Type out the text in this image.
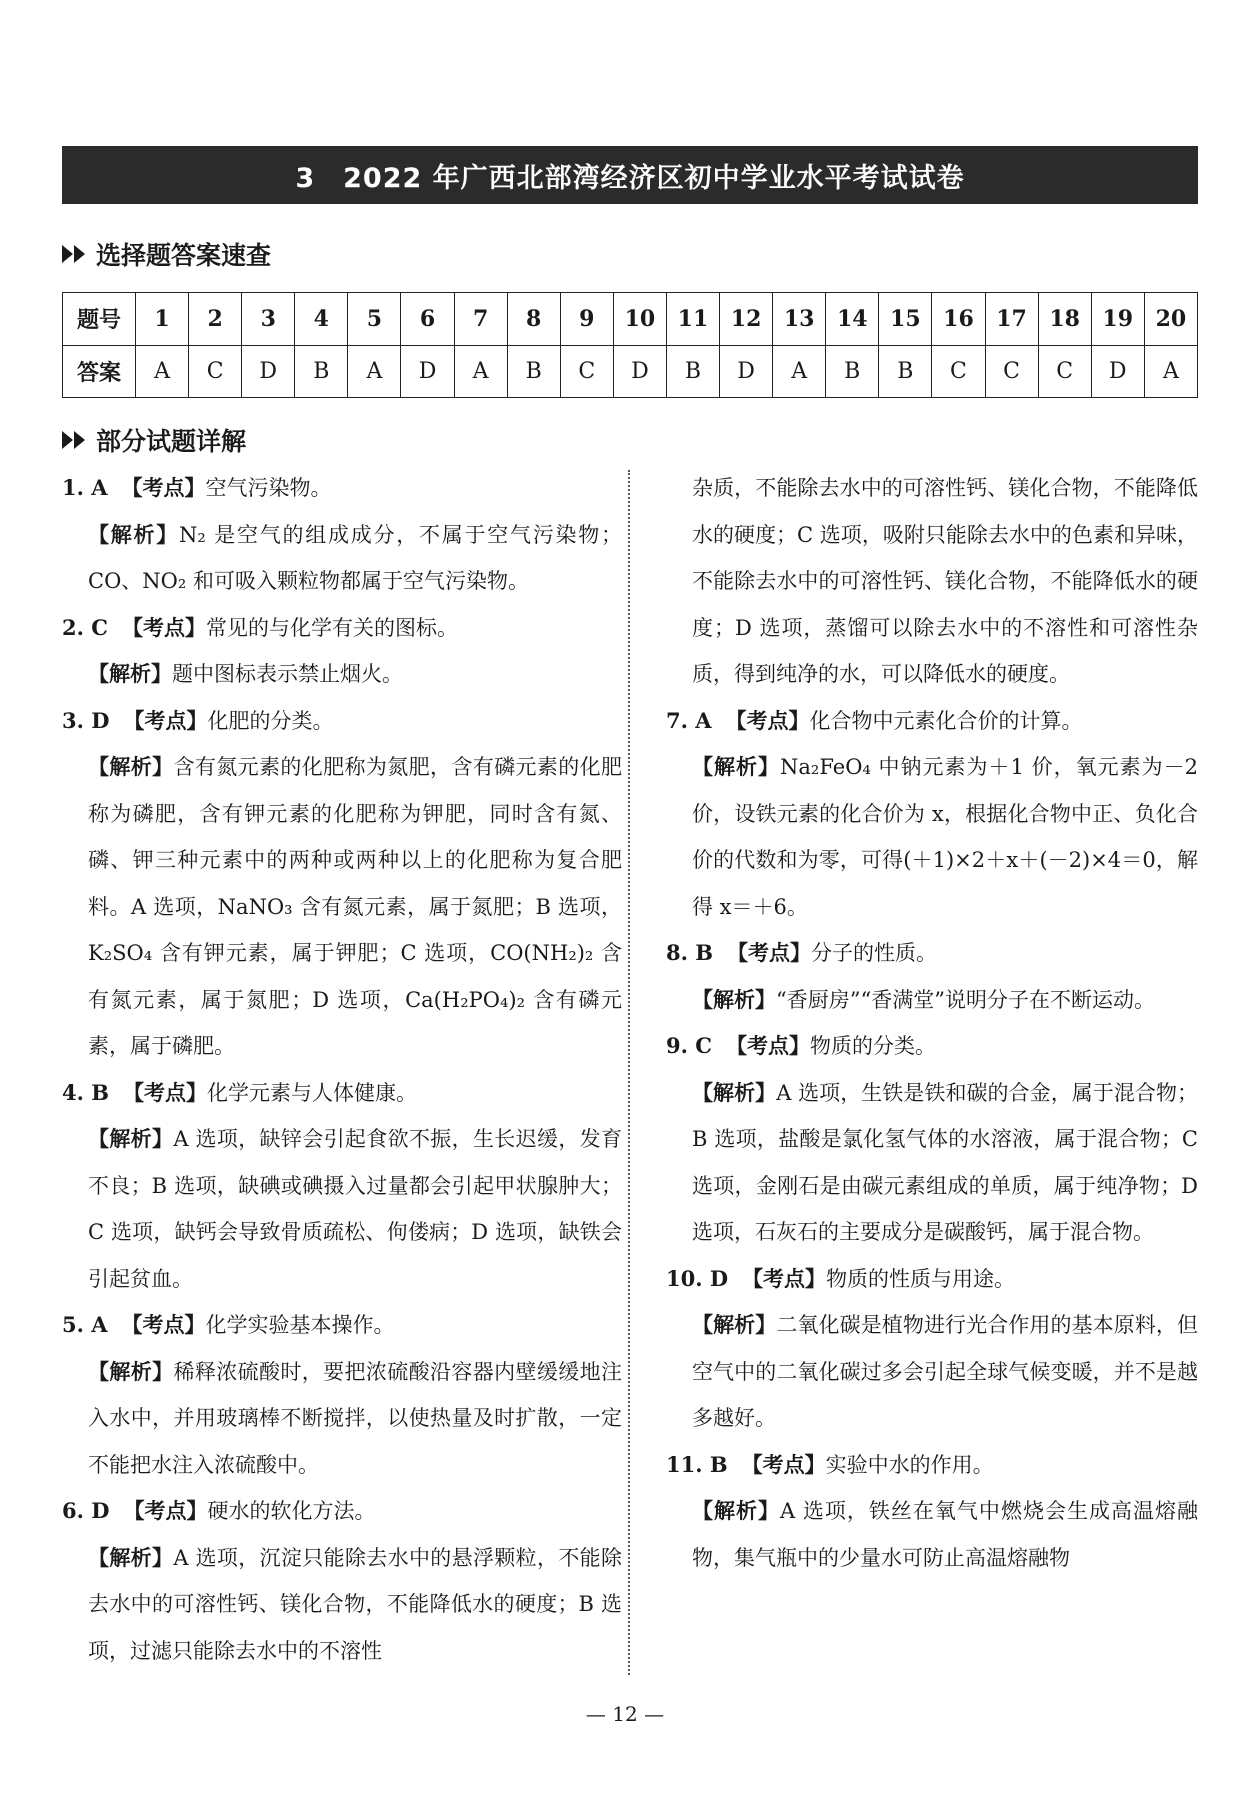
3　2022 年广西北部湾经济区初中学业水平考试试卷
选择题答案速查
题号	1	2	3	4	5	6	7	8	9	10	11	12	13	14	15	16	17	18	19	20
答案	A	C	D	B	A	D	A	B	C	D	B	D	A	B	B	C	C	C	D	A
部分试题详解

1. A 【考点】空气污染物。

【解析】N₂ 是空气的组成成分，不属于空气污染物；CO、NO₂ 和可吸入颗粒物都属于空气污染物。

2. C 【考点】常见的与化学有关的图标。

【解析】题中图标表示禁止烟火。

3. D 【考点】化肥的分类。

【解析】含有氮元素的化肥称为氮肥，含有磷元素的化肥称为磷肥，含有钾元素的化肥称为钾肥，同时含有氮、磷、钾三种元素中的两种或两种以上的化肥称为复合肥料。A 选项，NaNO₃ 含有氮元素，属于氮肥；B 选项，K₂SO₄ 含有钾元素，属于钾肥；C 选项，CO(NH₂)₂ 含有氮元素，属于氮肥；D 选项，Ca(H₂PO₄)₂ 含有磷元素，属于磷肥。

4. B 【考点】化学元素与人体健康。

【解析】A 选项，缺锌会引起食欲不振，生长迟缓，发育不良；B 选项，缺碘或碘摄入过量都会引起甲状腺肿大；C 选项，缺钙会导致骨质疏松、佝偻病；D 选项，缺铁会引起贫血。

5. A 【考点】化学实验基本操作。

【解析】稀释浓硫酸时，要把浓硫酸沿容器内壁缓缓地注入水中，并用玻璃棒不断搅拌，以使热量及时扩散，一定不能把水注入浓硫酸中。

6. D 【考点】硬水的软化方法。

【解析】A 选项，沉淀只能除去水中的悬浮颗粒，不能除去水中的可溶性钙、镁化合物，不能降低水的硬度；B 选项，过滤只能除去水中的不溶性

杂质，不能除去水中的可溶性钙、镁化合物，不能降低水的硬度；C 选项，吸附只能除去水中的色素和异味，不能除去水中的可溶性钙、镁化合物，不能降低水的硬度；D 选项，蒸馏可以除去水中的不溶性和可溶性杂质，得到纯净的水，可以降低水的硬度。

7. A 【考点】化合物中元素化合价的计算。

【解析】Na₂FeO₄ 中钠元素为＋1 价，氧元素为－2 价，设铁元素的化合价为 x，根据化合物中正、负化合价的代数和为零，可得(＋1)×2＋x＋(－2)×4＝0，解得 x＝＋6。

8. B 【考点】分子的性质。

【解析】“香厨房”“香满堂”说明分子在不断运动。

9. C 【考点】物质的分类。

【解析】A 选项，生铁是铁和碳的合金，属于混合物；B 选项，盐酸是氯化氢气体的水溶液，属于混合物；C 选项，金刚石是由碳元素组成的单质，属于纯净物；D 选项，石灰石的主要成分是碳酸钙，属于混合物。

10. D 【考点】物质的性质与用途。

【解析】二氧化碳是植物进行光合作用的基本原料，但空气中的二氧化碳过多会引起全球气候变暖，并不是越多越好。

11. B 【考点】实验中水的作用。

【解析】A 选项，铁丝在氧气中燃烧会生成高温熔融物，集气瓶中的少量水可防止高温熔融物

— 12 —
